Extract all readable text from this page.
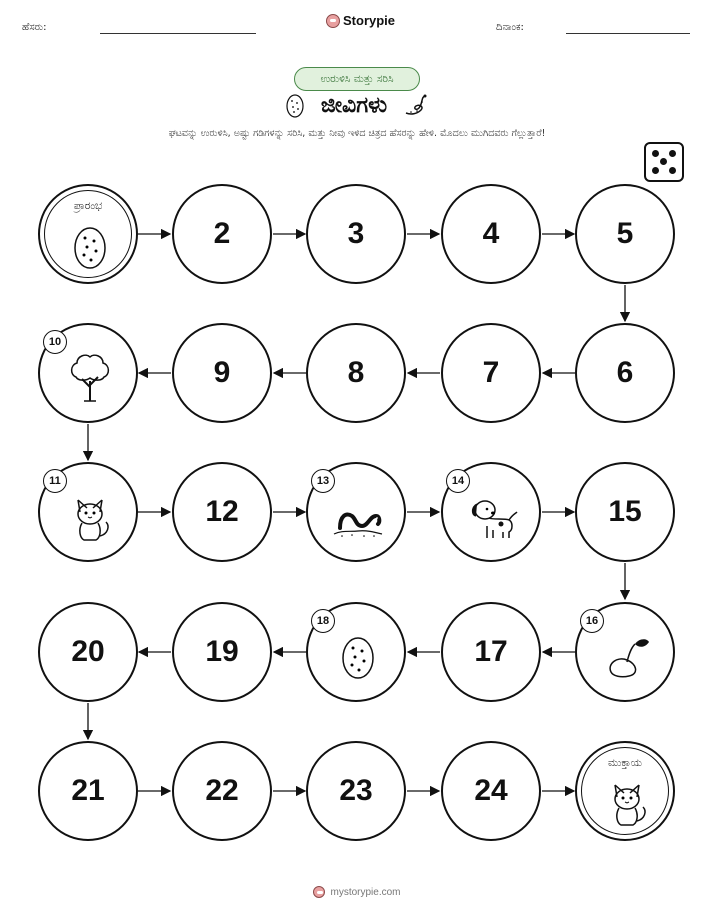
ಹೆಸರು:	Storypie	ದಿನಾಂಕ:
ಉರುಳಿಸಿ ಮತ್ತು ಸರಿಸಿ
ಜೀವಿಗಳು
ಘಟವನ್ನು ಉರುಳಿಸಿ, ಅಷ್ಟು ಗಡಿಗಳನ್ನು ಸರಿಸಿ, ಮತ್ತು ನೀವು ಇಳಿದ ಚಿತ್ರದ ಹೆಸರನ್ನು ಹೇಳಿ. ಮೊದಲು ಮುಗಿದವರು ಗೆಲ್ಲುತ್ತಾರೆ!
ಪ್ರಾರಂಭ
2	3	4	5
10
9	8	7	6
11
12
13	14
15
20	19
18
17
16
21	22	23	24
ಮುಕ್ತಾಯ
mystorypie.com
